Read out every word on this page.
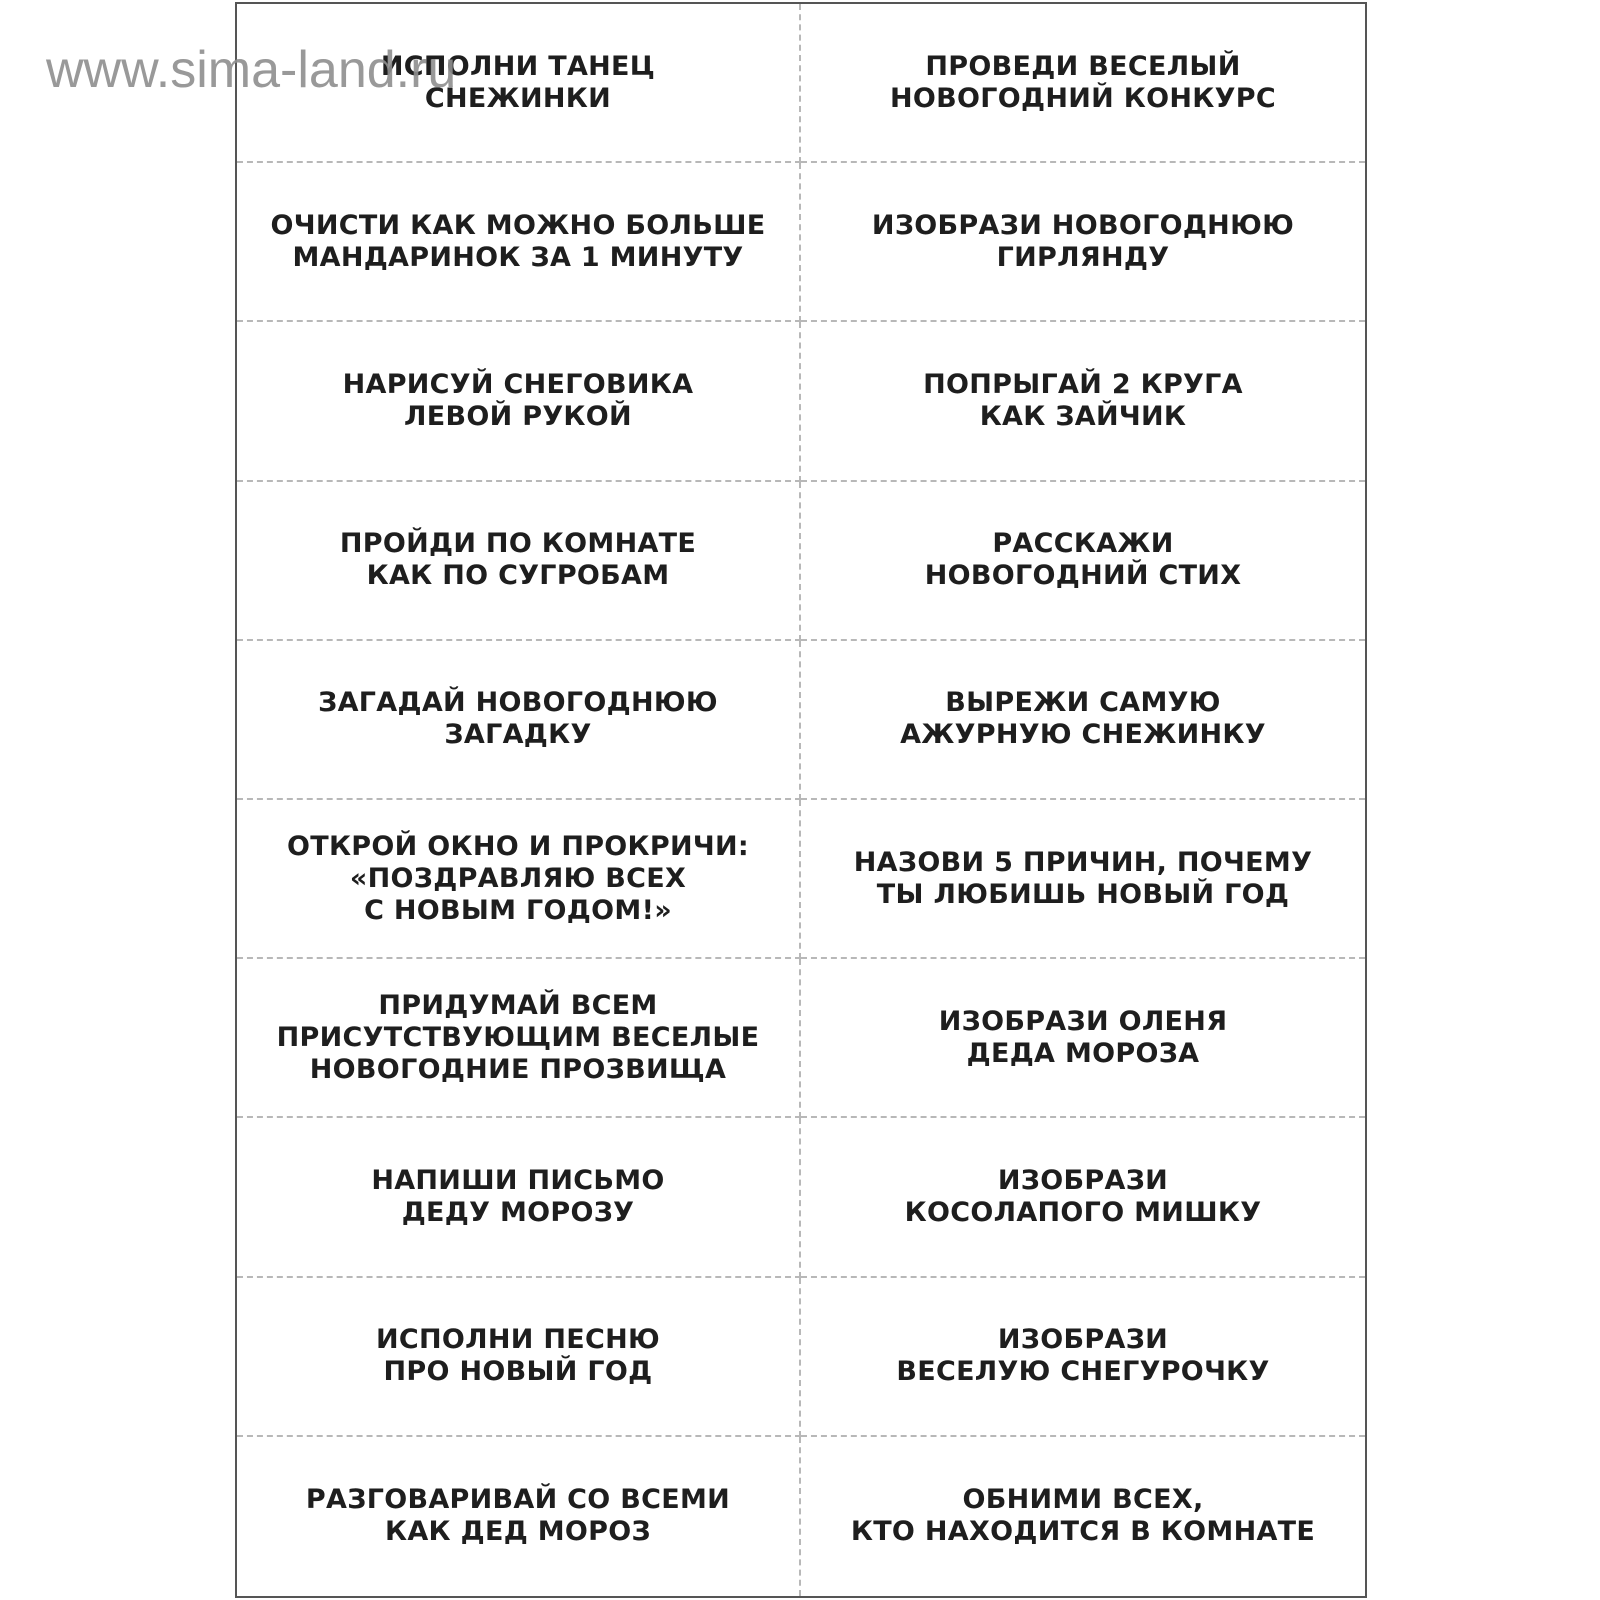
ИСПОЛНИ ТАНЕЦ
СНЕЖИНКИ
ПРОВЕДИ ВЕСЕЛЫЙ
НОВОГОДНИЙ КОНКУРС
ОЧИСТИ КАК МОЖНО БОЛЬШЕ
МАНДАРИНОК ЗА 1 МИНУТУ
ИЗОБРАЗИ НОВОГОДНЮЮ
ГИРЛЯНДУ
НАРИСУЙ СНЕГОВИКА
ЛЕВОЙ РУКОЙ
ПОПРЫГАЙ 2 КРУГА
КАК ЗАЙЧИК
ПРОЙДИ ПО КОМНАТЕ
КАК ПО СУГРОБАМ
РАССКАЖИ
НОВОГОДНИЙ СТИХ
ЗАГАДАЙ НОВОГОДНЮЮ
ЗАГАДКУ
ВЫРЕЖИ САМУЮ
АЖУРНУЮ СНЕЖИНКУ
ОТКРОЙ ОКНО И ПРОКРИЧИ:
«ПОЗДРАВЛЯЮ ВСЕХ
С НОВЫМ ГОДОМ!»
НАЗОВИ 5 ПРИЧИН, ПОЧЕМУ
ТЫ ЛЮБИШЬ НОВЫЙ ГОД
ПРИДУМАЙ ВСЕМ
ПРИСУТСТВУЮЩИМ ВЕСЕЛЫЕ
НОВОГОДНИЕ ПРОЗВИЩА
ИЗОБРАЗИ ОЛЕНЯ
ДЕДА МОРОЗА
НАПИШИ ПИСЬМО
ДЕДУ МОРОЗУ
ИЗОБРАЗИ
КОСОЛАПОГО МИШКУ
ИСПОЛНИ ПЕСНЮ
ПРО НОВЫЙ ГОД
ИЗОБРАЗИ
ВЕСЕЛУЮ СНЕГУРОЧКУ
РАЗГОВАРИВАЙ СО ВСЕМИ
КАК ДЕД МОРОЗ
ОБНИМИ ВСЕХ,
КТО НАХОДИТСЯ В КОМНАТЕ
www.sima-land.ru
